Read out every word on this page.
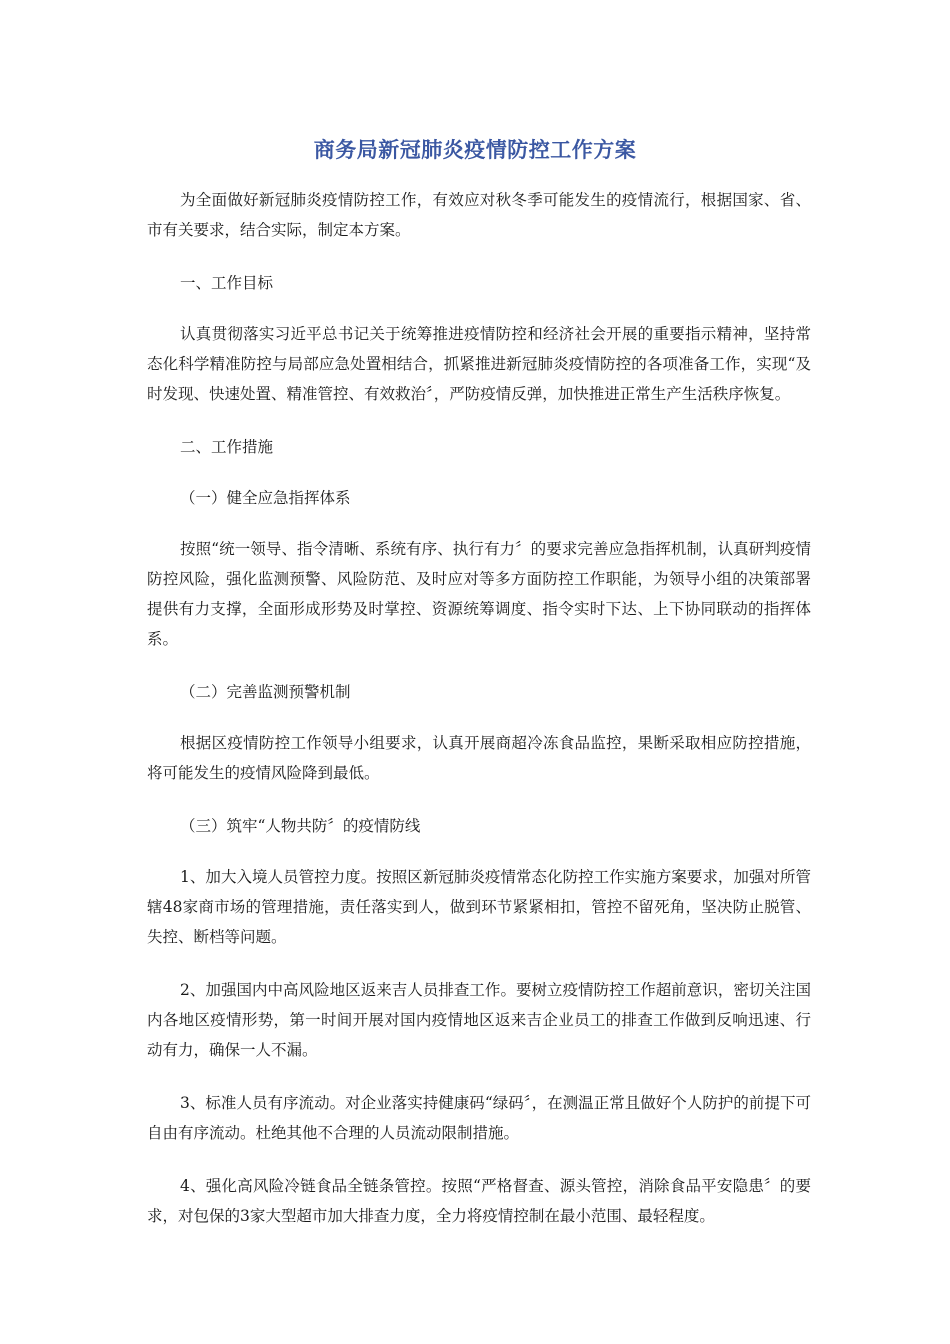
商务局新冠肺炎疫情防控工作方案

为全面做好新冠肺炎疫情防控工作，有效应对秋冬季可能发生的疫情流行，根据国家、省、市有关要求，结合实际，制定本方案。

一、工作目标

认真贯彻落实习近平总书记关于统筹推进疫情防控和经济社会开展的重要指示精神，坚持常态化科学精准防控与局部应急处置相结合，抓紧推进新冠肺炎疫情防控的各项准备工作，实现“及时发现、快速处置、精准管控、有效救治〞，严防疫情反弹，加快推进正常生产生活秩序恢复。

二、工作措施

（一）健全应急指挥体系

按照“统一领导、指令清晰、系统有序、执行有力〞的要求完善应急指挥机制，认真研判疫情防控风险，强化监测预警、风险防范、及时应对等多方面防控工作职能，为领导小组的决策部署提供有力支撑，全面形成形势及时掌控、资源统筹调度、指令实时下达、上下协同联动的指挥体系。

（二）完善监测预警机制

根据区疫情防控工作领导小组要求，认真开展商超冷冻食品监控，果断采取相应防控措施，将可能发生的疫情风险降到最低。

（三）筑牢“人物共防〞的疫情防线

1、加大入境人员管控力度。按照区新冠肺炎疫情常态化防控工作实施方案要求，加强对所管辖48家商市场的管理措施，责任落实到人，做到环节紧紧相扣，管控不留死角，坚决防止脱管、失控、断档等问题。

2、加强国内中高风险地区返来吉人员排查工作。要树立疫情防控工作超前意识，密切关注国内各地区疫情形势，第一时间开展对国内疫情地区返来吉企业员工的排查工作做到反响迅速、行动有力，确保一人不漏。

3、标准人员有序流动。对企业落实持健康码“绿码〞，在测温正常且做好个人防护的前提下可自由有序流动。杜绝其他不合理的人员流动限制措施。

4、强化高风险冷链食品全链条管控。按照“严格督查、源头管控，消除食品平安隐患〞的要求，对包保的3家大型超市加大排查力度，全力将疫情控制在最小范围、最轻程度。
